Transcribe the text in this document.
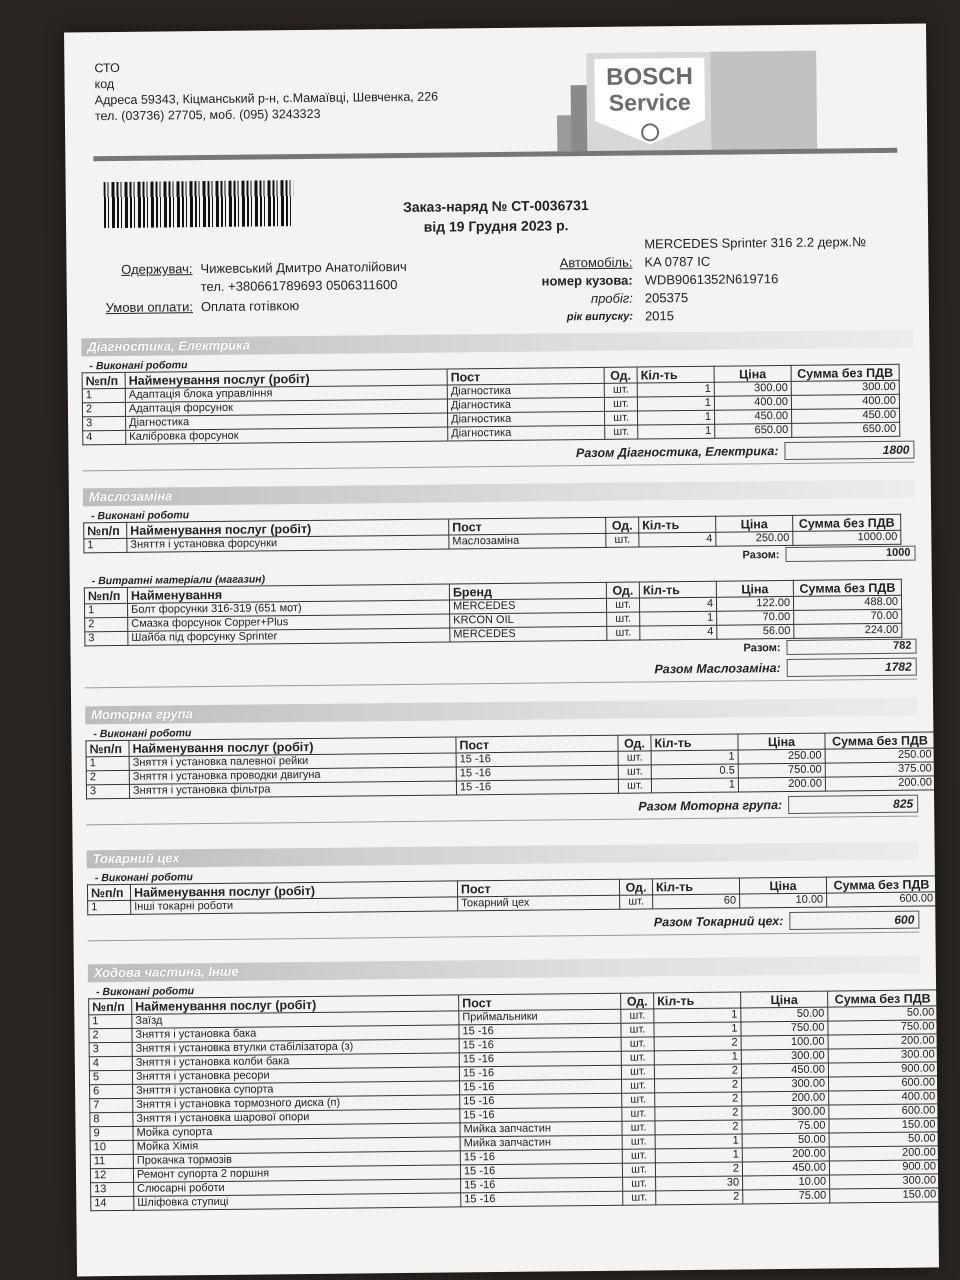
СТО
код
Адреса 59343, Кіцманський р-н, с.Мамаївці, Шевченка, 226
тел. (03736) 27705, моб. (095) 3243323
BOSCH
Service
Заказ-наряд № СТ-0036731
від 19 Грудня 2023 р.
Одержувач: Чижевський Дмитро Анатолійович
тел. +380661789693 0506311600
Умови оплати: Оплата готівкою
MERCEDES Sprinter 316 2.2 держ.№
Автомобіль: KA 0787 IC
номер кузова: WDB9061352N619716
пробіг: 205375
рік випуску: 2015
Діагностика, Електрика
- Виконані роботи
№п/п	Найменування послуг (робіт)	Пост	Од.	Кіл-ть	Ціна	Сумма без ПДВ
1	Адаптація блока управління	Діагностика	шт.	1	300.00	300.00
2	Адаптація форсунок	Діагностика	шт.	1	400.00	400.00
3	Діагностика	Діагностика	шт.	1	450.00	450.00
4	Калібровка форсунок	Діагностика	шт.	1	650.00	650.00
Разом Діагностика, Електрика:	1800
Маслозаміна
- Виконані роботи
№п/п	Найменування послуг (робіт)	Пост	Од.	Кіл-ть	Ціна	Сумма без ПДВ
1	Зняття і установка форсунки	Маслозаміна	шт.	4	250.00	1000.00
Разом:	1000
- Витратні матеріали (магазин)
№п/п	Найменування	Бренд	Од.	Кіл-ть	Ціна	Сумма без ПДВ
1	Болт форсунки 316-319 (651 мот)	MERCEDES	шт.	4	122.00	488.00
2	Смазка форсунок Copper+Plus	KRCON OIL	шт.	1	70.00	70.00
3	Шайба під форсунку Sprinter	MERCEDES	шт.	4	56.00	224.00
Разом:	782
Разом Маслозаміна:	1782
Моторна група
- Виконані роботи
№п/п	Найменування послуг (робіт)	Пост	Од.	Кіл-ть	Ціна	Сумма без ПДВ
1	Зняття і установка палевної рейки	15 -16	шт.	1	250.00	250.00
2	Зняття і установка проводки двигуна	15 -16	шт.	0.5	750.00	375.00
3	Зняття і установка фільтра	15 -16	шт.	1	200.00	200.00
Разом Моторна група:	825
Токарний цех
- Виконані роботи
№п/п	Найменування послуг (робіт)	Пост	Од.	Кіл-ть	Ціна	Сумма без ПДВ
1	Інші токарні роботи	Токарний цех	шт.	60	10.00	600.00
Разом Токарний цех:	600
Ходова частина, Інше
- Виконані роботи
№п/п	Найменування послуг (робіт)	Пост	Од.	Кіл-ть	Ціна	Сумма без ПДВ
1	Заїзд	Приймальники	шт.	1	50.00	50.00
2	Зняття і установка бака	15 -16	шт.	1	750.00	750.00
3	Зняття і установка втулки стабілізатора (з)	15 -16	шт.	2	100.00	200.00
4	Зняття і установка колби бака	15 -16	шт.	1	300.00	300.00
5	Зняття і установка ресори	15 -16	шт.	2	450.00	900.00
6	Зняття і установка супорта	15 -16	шт.	2	300.00	600.00
7	Зняття і установка тормозного диска (п)	15 -16	шт.	2	200.00	400.00
8	Зняття і установка шарової опори	15 -16	шт.	2	300.00	600.00
9	Мойка супорта	Мийка запчастин	шт.	2	75.00	150.00
10	Мойка Хімія	Мийка запчастин	шт.	1	50.00	50.00
11	Прокачка тормозів	15 -16	шт.	1	200.00	200.00
12	Ремонт супорта 2 поршня	15 -16	шт.	2	450.00	900.00
13	Слюсарні роботи	15 -16	шт.	30	10.00	300.00
14	Шліфовка ступиці	15 -16	шт.	2	75.00	150.00
